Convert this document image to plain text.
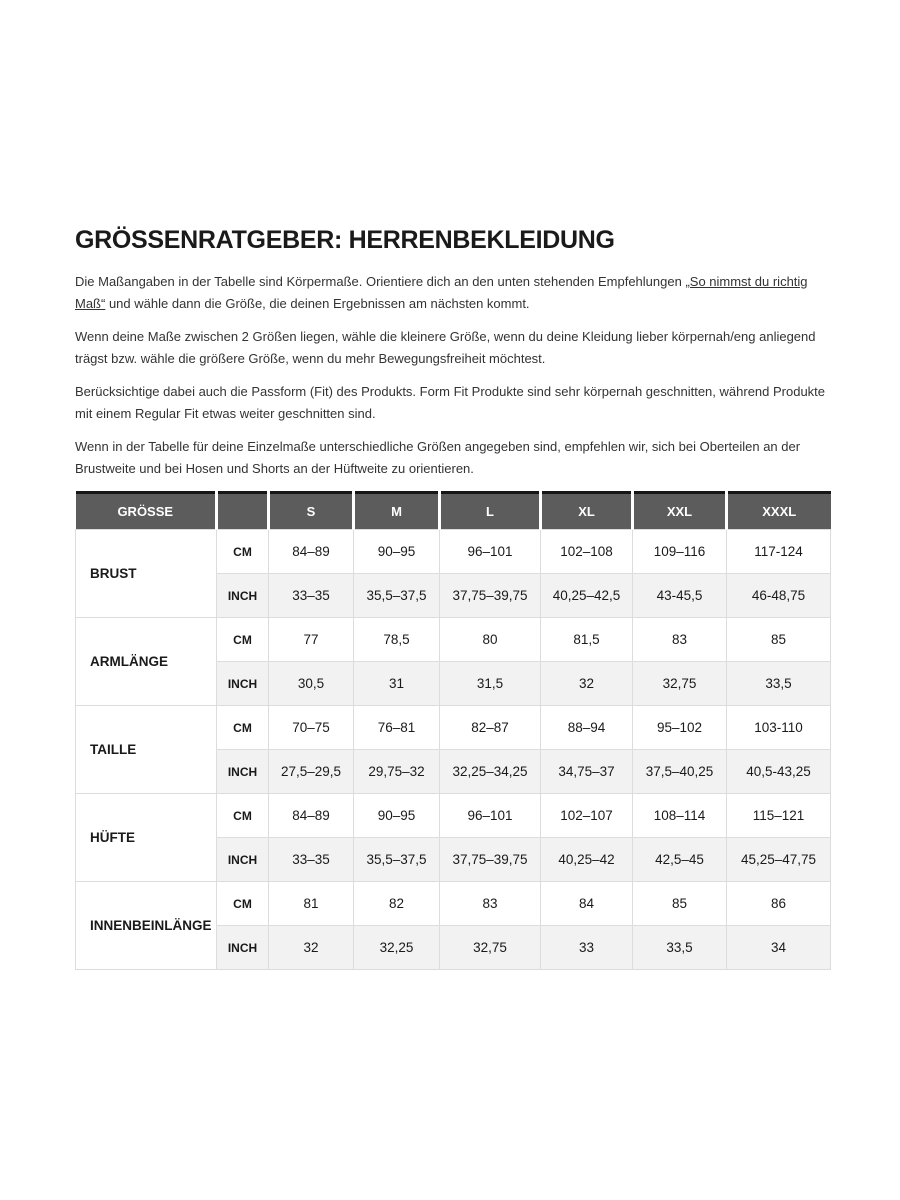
GRÖSSENRATGEBER: HERRENBEKLEIDUNG

Die Maßangaben in der Tabelle sind Körpermaße. Orientiere dich an den unten stehenden Empfehlungen „So nimmst du richtig Maß“ und wähle dann die Größe, die deinen Ergebnissen am nächsten kommt.

Wenn deine Maße zwischen 2 Größen liegen, wähle die kleinere Größe, wenn du deine Kleidung lieber körpernah/eng anliegend trägst bzw. wähle die größere Größe, wenn du mehr Bewegungsfreiheit möchtest.

Berücksichtige dabei auch die Passform (Fit) des Produkts. Form Fit Produkte sind sehr körpernah geschnitten, während Produkte mit einem Regular Fit etwas weiter geschnitten sind.

Wenn in der Tabelle für deine Einzelmaße unterschiedliche Größen angegeben sind, empfehlen wir, sich bei Oberteilen an der Brustweite und bei Hosen und Shorts an der Hüftweite zu orientieren.

GRÖSSE		S	M	L	XL	XXL	XXXL
BRUST	CM	84–89	90–95	96–101	102–108	109–116	117-124
	INCH	33–35	35,5–37,5	37,75–39,75	40,25–42,5	43-45,5	46-48,75
ARMLÄNGE	CM	77	78,5	80	81,5	83	85
	INCH	30,5	31	31,5	32	32,75	33,5
TAILLE	CM	70–75	76–81	82–87	88–94	95–102	103-110
	INCH	27,5–29,5	29,75–32	32,25–34,25	34,75–37	37,5–40,25	40,5-43,25
HÜFTE	CM	84–89	90–95	96–101	102–107	108–114	115–121
	INCH	33–35	35,5–37,5	37,75–39,75	40,25–42	42,5–45	45,25–47,75
INNENBEINLÄNGE	CM	81	82	83	84	85	86
	INCH	32	32,25	32,75	33	33,5	34
